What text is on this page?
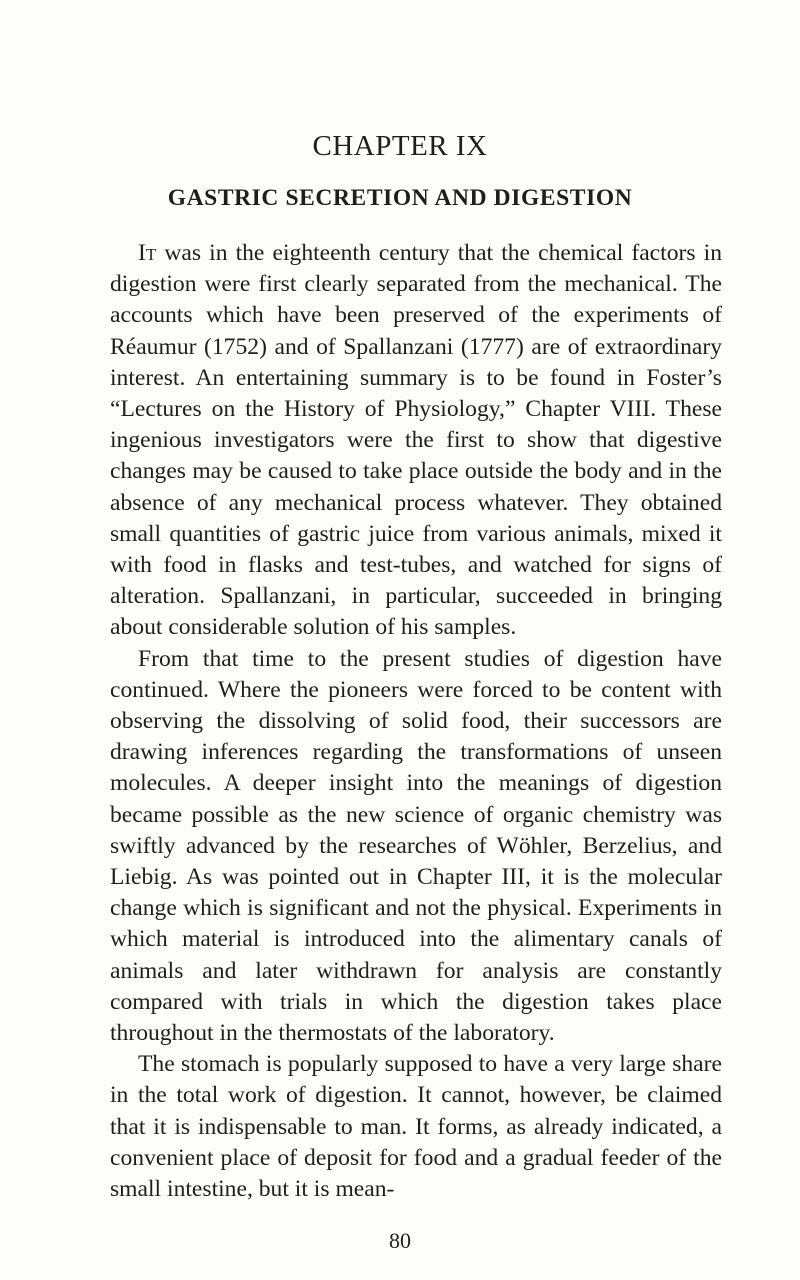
CHAPTER IX
GASTRIC SECRETION AND DIGESTION

It was in the eighteenth century that the chemical factors in digestion were first clearly separated from the mechanical. The accounts which have been preserved of the experiments of Réaumur (1752) and of Spallanzani (1777) are of extraordinary interest. An entertaining summary is to be found in Foster’s “Lectures on the History of Physiology,” Chapter VIII. These ingenious investigators were the first to show that digestive changes may be caused to take place outside the body and in the absence of any mechanical process whatever. They obtained small quantities of gastric juice from various animals, mixed it with food in flasks and test-tubes, and watched for signs of alteration. Spallanzani, in particular, succeeded in bringing about considerable solution of his samples.

From that time to the present studies of digestion have continued. Where the pioneers were forced to be content with observing the dissolving of solid food, their successors are drawing inferences regarding the transformations of unseen molecules. A deeper insight into the meanings of digestion became possible as the new science of organic chemistry was swiftly advanced by the researches of Wöhler, Berzelius, and Liebig. As was pointed out in Chapter III, it is the molecular change which is significant and not the physical. Experiments in which material is introduced into the alimentary canals of animals and later withdrawn for analysis are constantly compared with trials in which the digestion takes place throughout in the thermostats of the laboratory.

The stomach is popularly supposed to have a very large share in the total work of digestion. It cannot, however, be claimed that it is indispensable to man. It forms, as already indicated, a convenient place of deposit for food and a gradual feeder of the small intestine, but it is mean-

80
